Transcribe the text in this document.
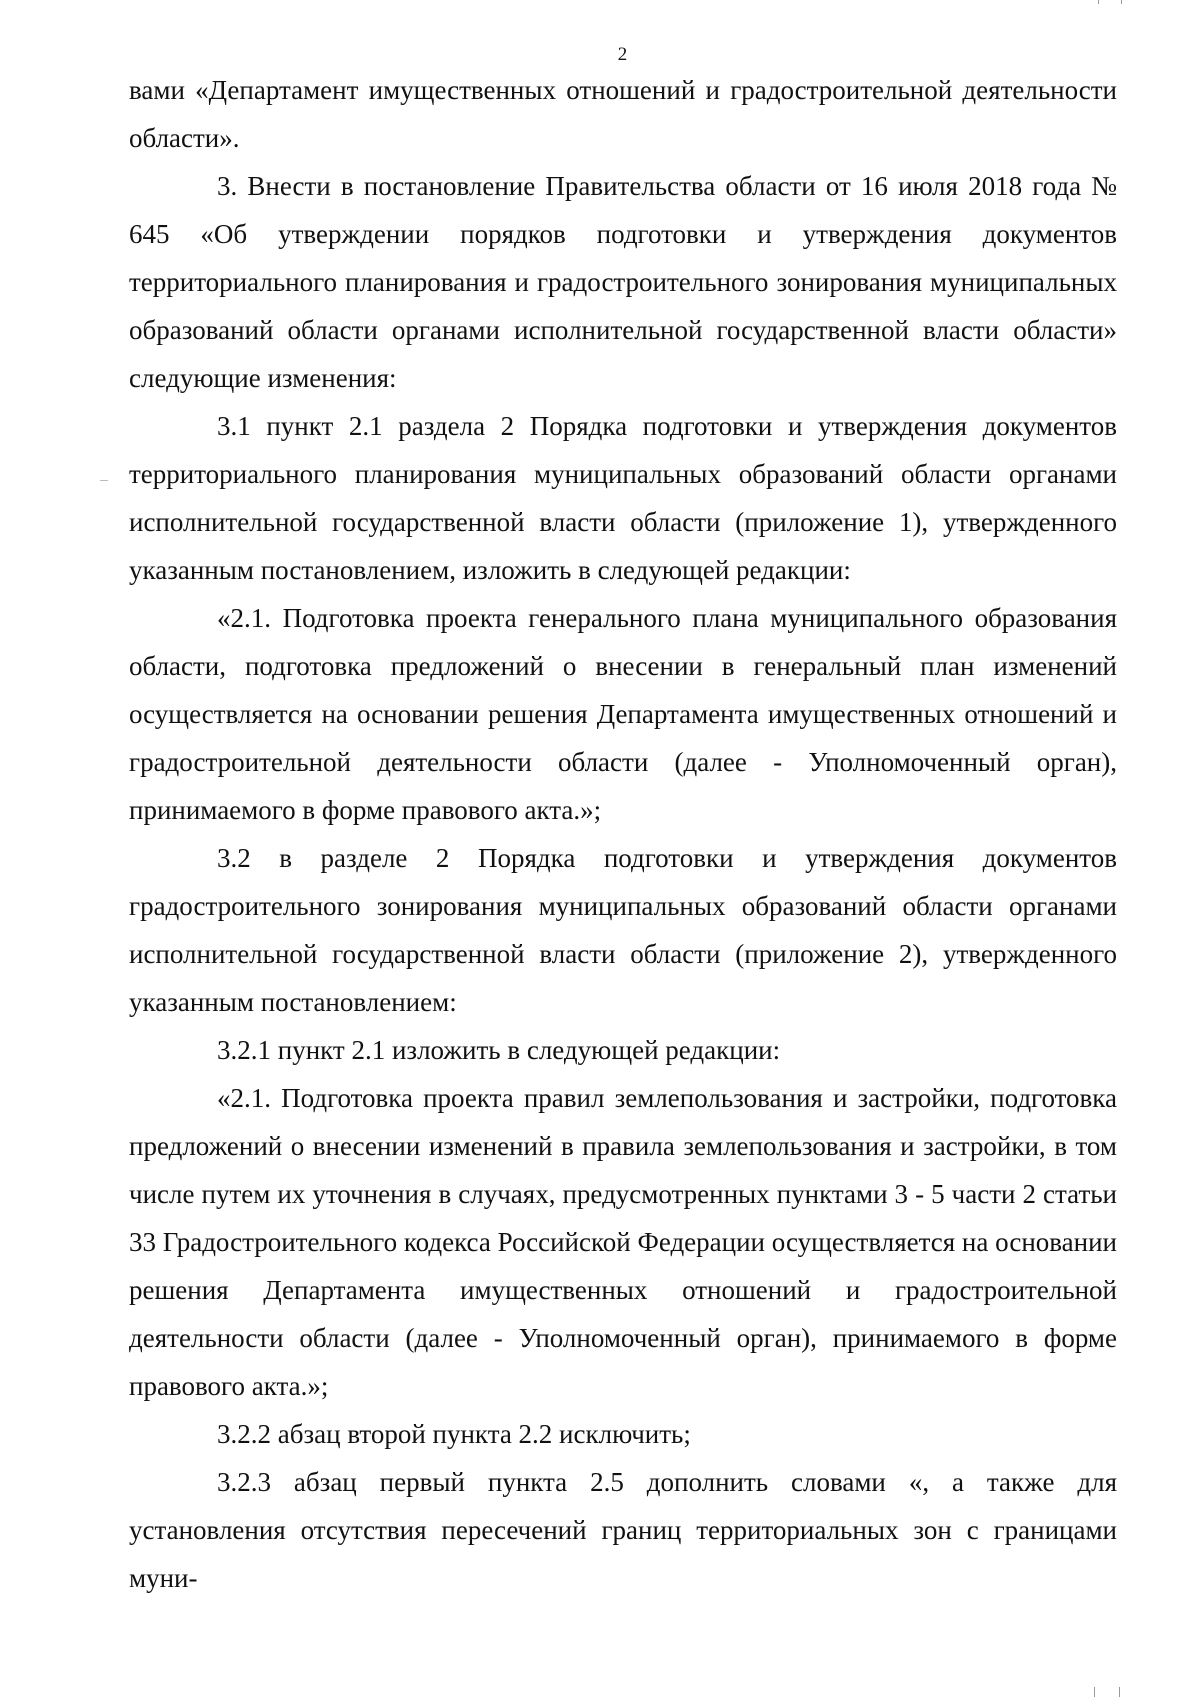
2

вами «Департамент имущественных отношений и градостроительной деятельности области».

3. Внести в постановление Правительства области от 16 июля 2018 года № 645 «Об утверждении порядков подготовки и утверждения документов территориального планирования и градостроительного зонирования муниципальных образований области органами исполнительной государственной власти области» следующие изменения:

3.1 пункт 2.1 раздела 2 Порядка подготовки и утверждения документов территориального планирования муниципальных образований области органами исполнительной государственной власти области (приложение 1), утвержденного указанным постановлением, изложить в следующей редакции:

«2.1. Подготовка проекта генерального плана муниципального образования области, подготовка предложений о внесении в генеральный план изменений осуществляется на основании решения Департамента имущественных отношений и градостроительной деятельности области (далее - Уполномоченный орган), принимаемого в форме правового акта.»;

3.2 в разделе 2 Порядка подготовки и утверждения документов градостроительного зонирования муниципальных образований области органами исполнительной государственной власти области (приложение 2), утвержденного указанным постановлением:

3.2.1 пункт 2.1 изложить в следующей редакции:

«2.1. Подготовка проекта правил землепользования и застройки, подготовка предложений о внесении изменений в правила землепользования и застройки, в том числе путем их уточнения в случаях, предусмотренных пунктами 3 - 5 части 2 статьи 33 Градостроительного кодекса Российской Федерации осуществляется на основании решения Департамента имущественных отношений и градостроительной деятельности области (далее - Уполномоченный орган), принимаемого в форме правового акта.»;

3.2.2 абзац второй пункта 2.2 исключить;

3.2.3 абзац первый пункта 2.5 дополнить словами «, а также для установления отсутствия пересечений границ территориальных зон с границами муни-
